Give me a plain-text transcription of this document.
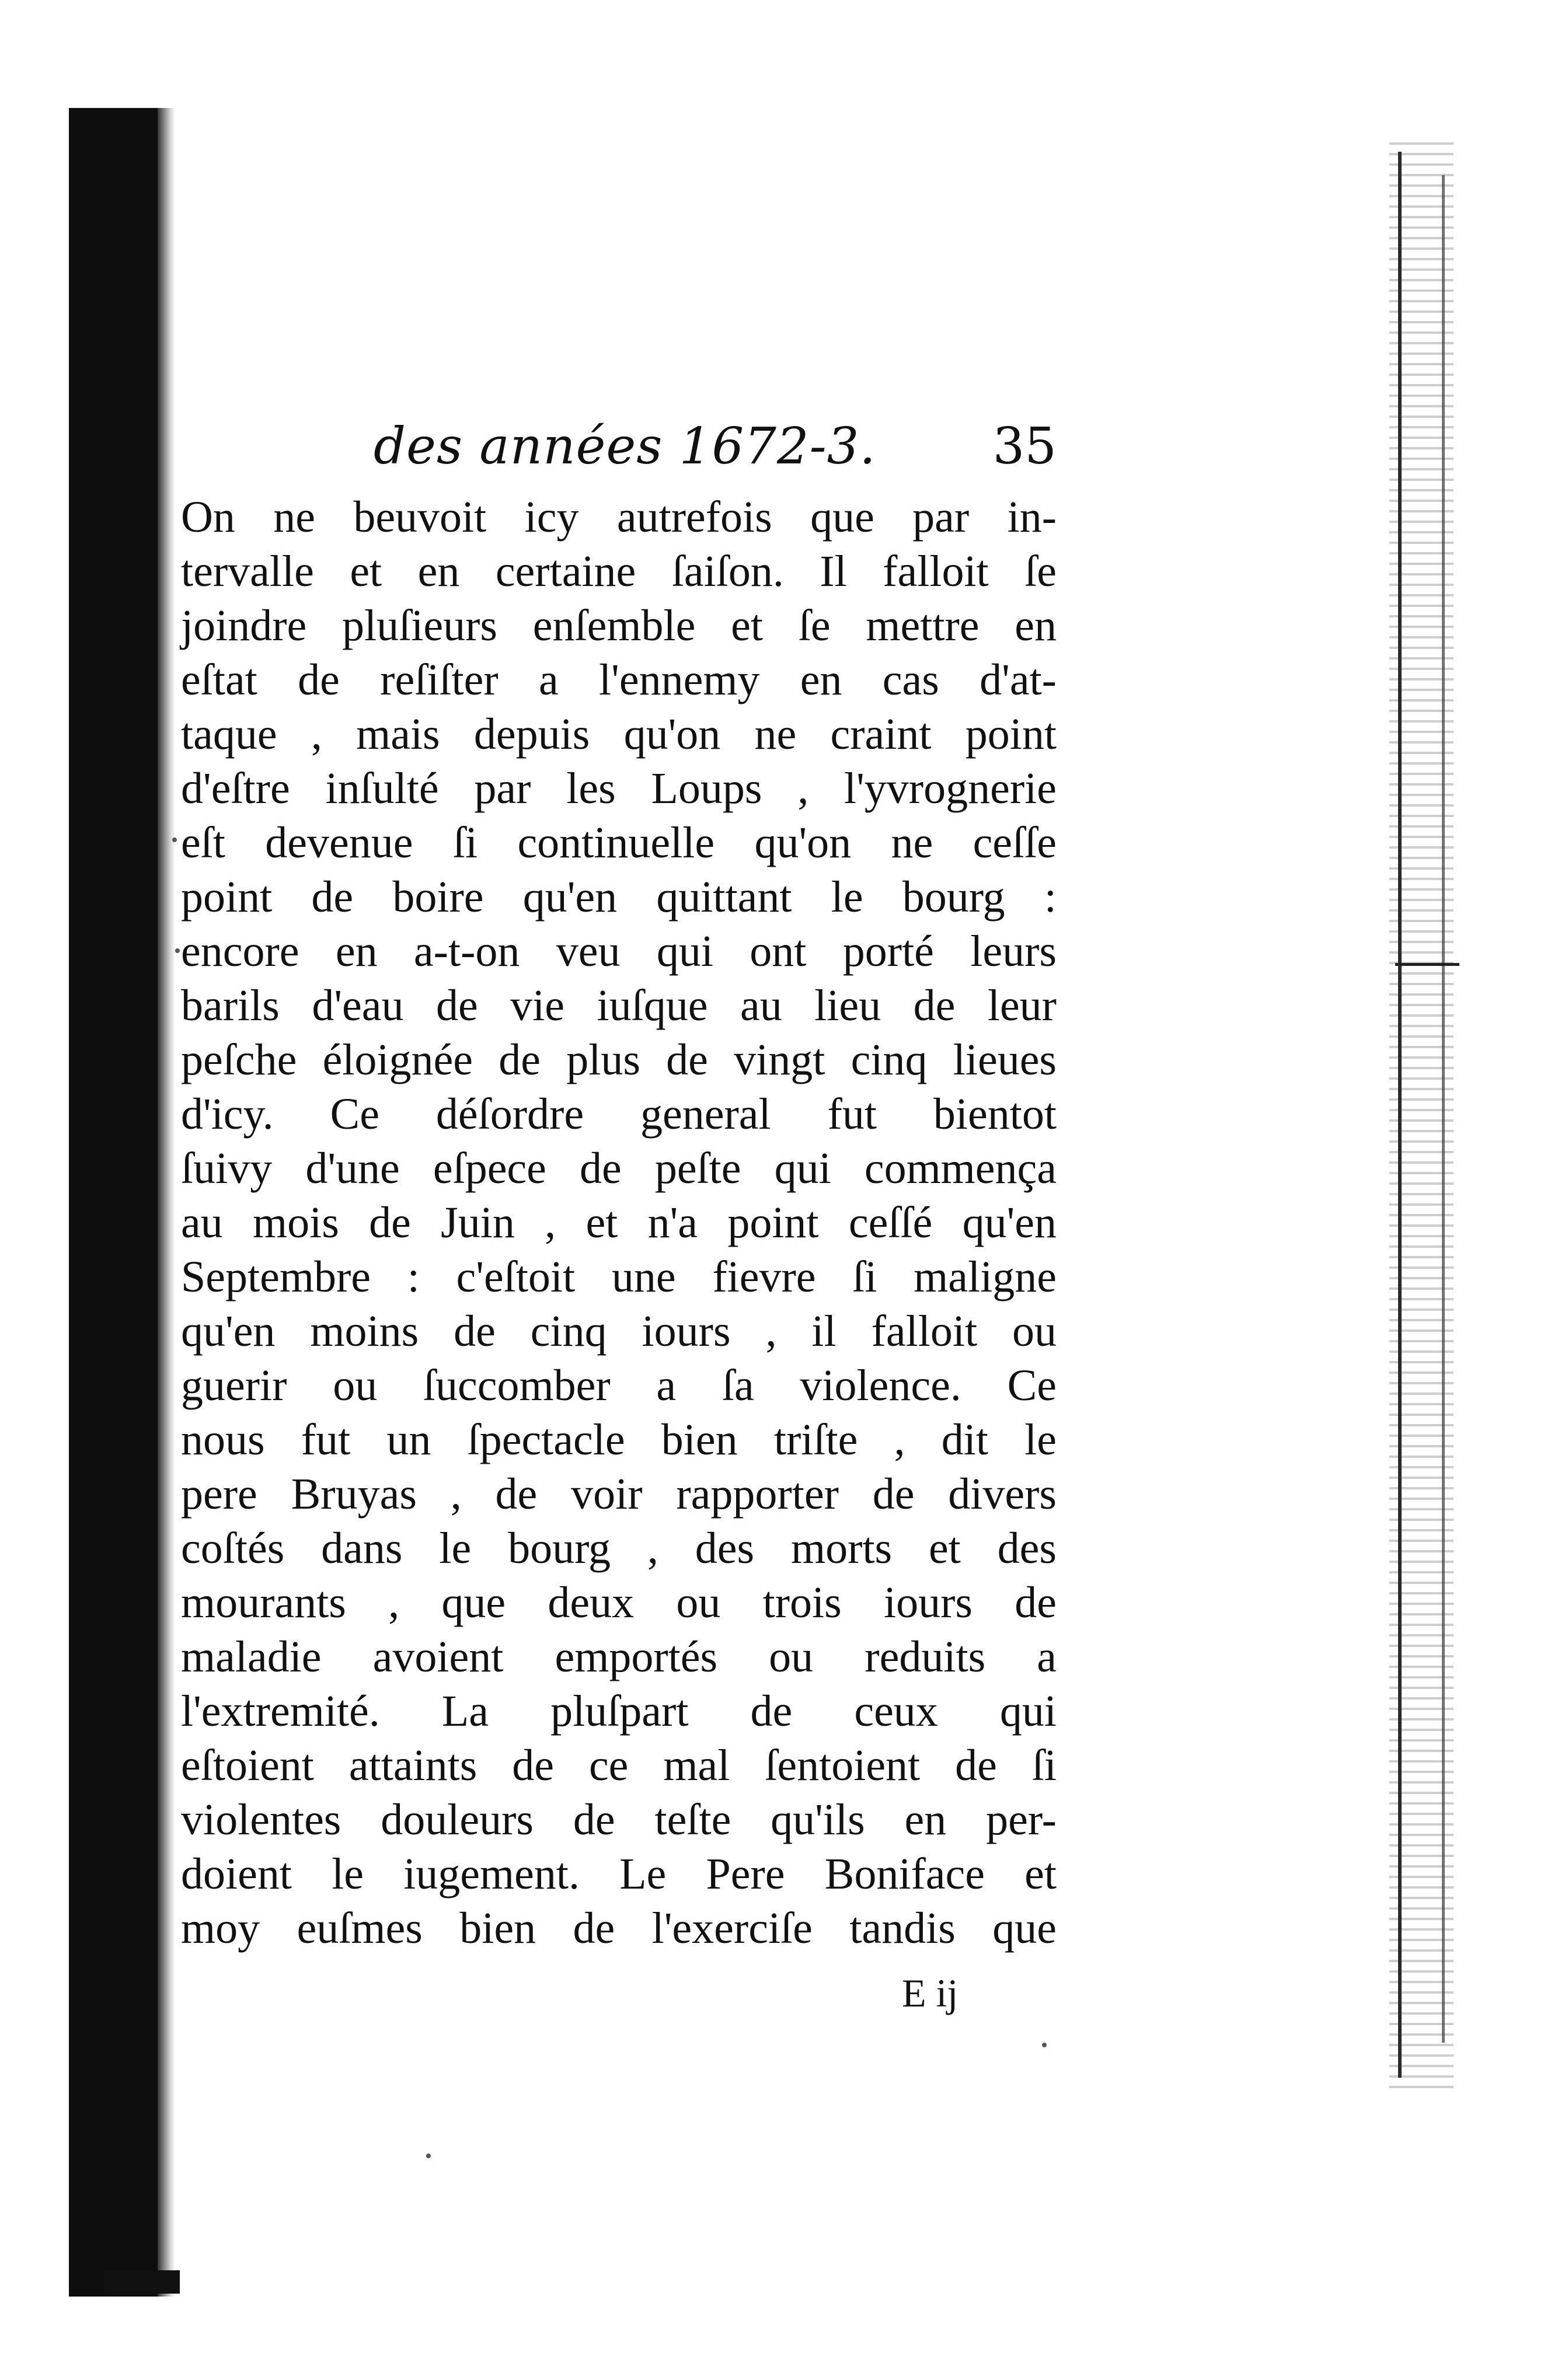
des années 1672-3. 35
On ne beuvoit icy autrefois que par in-
tervalle et en certaine ſaiſon. Il falloit ſe
joindre pluſieurs enſemble et ſe mettre en
eſtat de reſiſter a l'ennemy en cas d'at-
taque , mais depuis qu'on ne craint point
d'eſtre inſulté par les Loups , l'yvrognerie
eſt devenue ſi continuelle qu'on ne ceſſe
point de boire qu'en quittant le bourg :
encore en a-t-on veu qui ont porté leurs
barils d'eau de vie iuſque au lieu de leur
peſche éloignée de plus de vingt cinq lieues
d'icy. Ce déſordre general fut bientot
ſuivy d'une eſpece de peſte qui commença
au mois de Juin , et n'a point ceſſé qu'en
Septembre : c'eſtoit une fievre ſi maligne
qu'en moins de cinq iours , il falloit ou
guerir ou ſuccomber a ſa violence. Ce
nous fut un ſpectacle bien triſte , dit le
pere Bruyas , de voir rapporter de divers
coſtés dans le bourg , des morts et des
mourants , que deux ou trois iours de
maladie avoient emportés ou reduits a
l'extremité. La pluſpart de ceux qui
eſtoient attaints de ce mal ſentoient de ſi
violentes douleurs de teſte qu'ils en per-
doient le iugement. Le Pere Boniface et
moy euſmes bien de l'exerciſe tandis que
E ij
